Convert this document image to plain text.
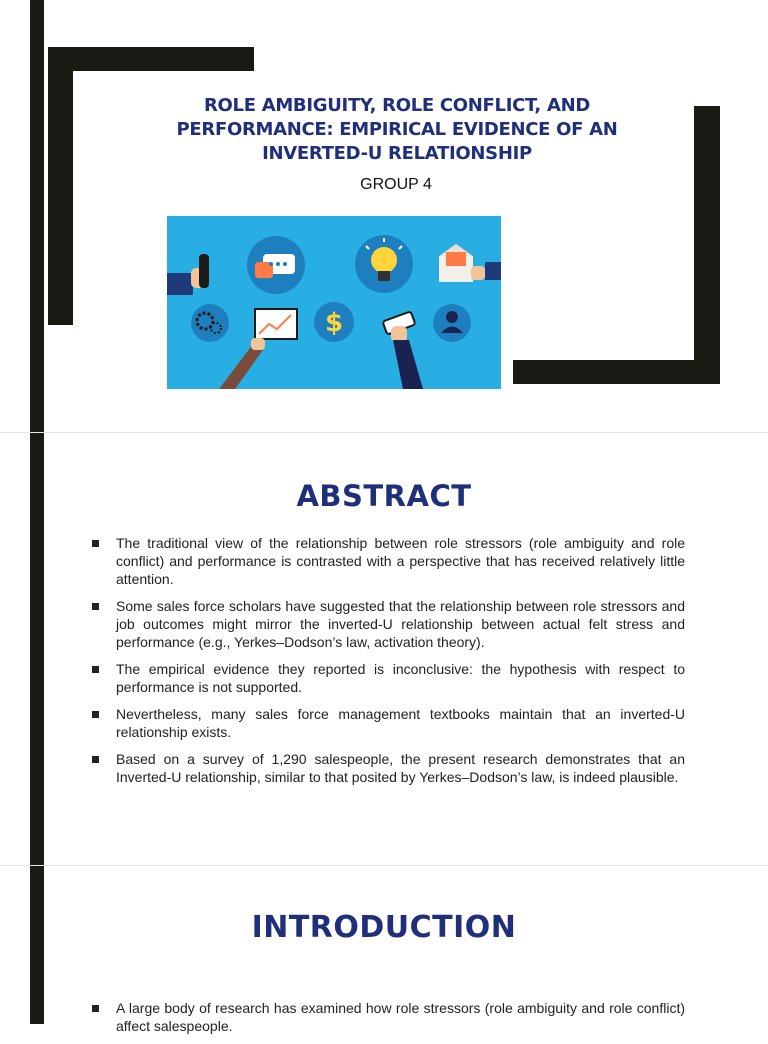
ROLE AMBIGUITY, ROLE CONFLICT, AND
PERFORMANCE: EMPIRICAL EVIDENCE OF AN
INVERTED-U RELATIONSHIP
GROUP 4
$
ABSTRACT
The traditional view of the relationship between role stressors (role ambiguity and role conflict) and performance is contrasted with a perspective that has received relatively little attention.
Some sales force scholars have suggested that the relationship between role stressors and job outcomes might mirror the inverted-U relationship between actual felt stress and performance (e.g., Yerkes–Dodson’s law, activation theory).
The empirical evidence they reported is inconclusive: the hypothesis with respect to performance is not supported.
Nevertheless, many sales force management textbooks maintain that an inverted-U relationship exists.
Based on a survey of 1,290 salespeople, the present research demonstrates that an Inverted-U relationship, similar to that posited by Yerkes–Dodson’s law, is indeed plausible.
INTRODUCTION
A large body of research has examined how role stressors (role ambiguity and role conflict) affect salespeople.
